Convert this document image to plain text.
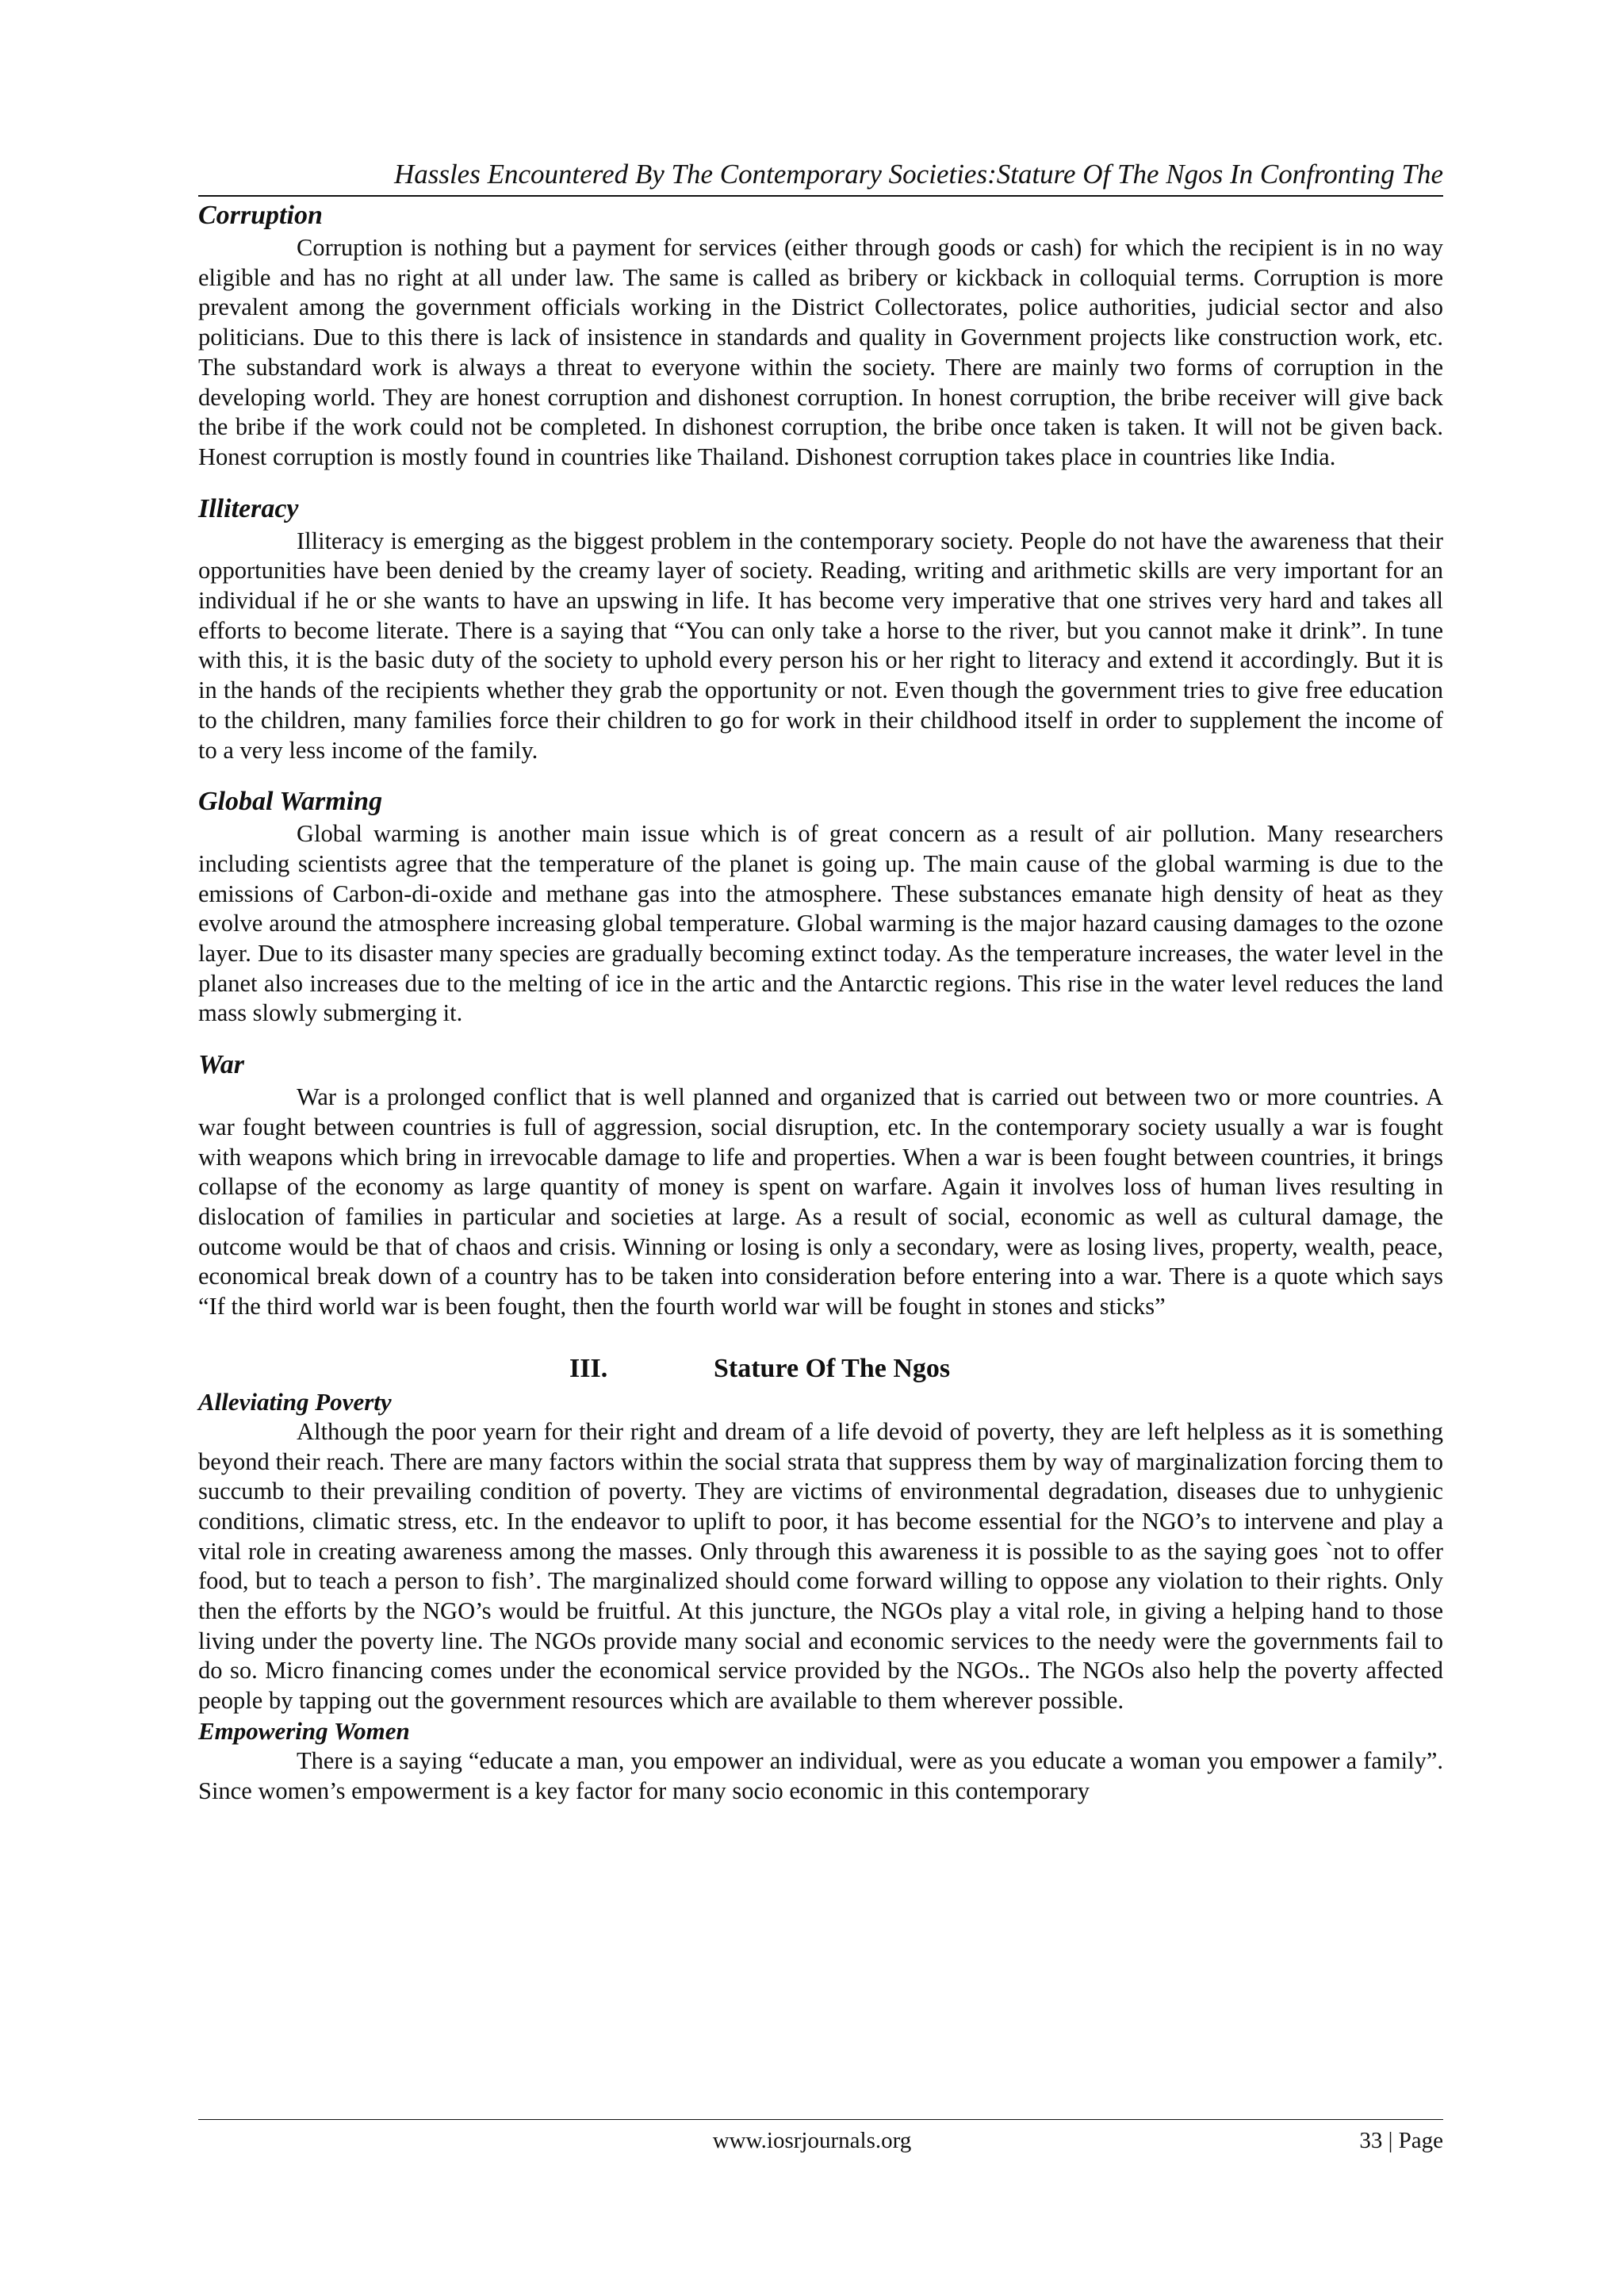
Hassles Encountered By The Contemporary Societies:Stature Of The Ngos In Confronting The
Corruption

Corruption is nothing but a payment for services (either through goods or cash) for which the recipient is in no way eligible and has no right at all under law. The same is called as bribery or kickback in colloquial terms. Corruption is more prevalent among the government officials working in the District Collectorates, police authorities, judicial sector and also politicians. Due to this there is lack of insistence in standards and quality in Government projects like construction work, etc. The substandard work is always a threat to everyone within the society. There are mainly two forms of corruption in the developing world. They are honest corruption and dishonest corruption. In honest corruption, the bribe receiver will give back the bribe if the work could not be completed. In dishonest corruption, the bribe once taken is taken. It will not be given back. Honest corruption is mostly found in countries like Thailand. Dishonest corruption takes place in countries like India.

Illiteracy

Illiteracy is emerging as the biggest problem in the contemporary society. People do not have the awareness that their opportunities have been denied by the creamy layer of society. Reading, writing and arithmetic skills are very important for an individual if he or she wants to have an upswing in life. It has become very imperative that one strives very hard and takes all efforts to become literate. There is a saying that “You can only take a horse to the river, but you cannot make it drink”. In tune with this, it is the basic duty of the society to uphold every person his or her right to literacy and extend it accordingly. But it is in the hands of the recipients whether they grab the opportunity or not. Even though the government tries to give free education to the children, many families force their children to go for work in their childhood itself in order to supplement the income of to a very less income of the family.

Global Warming

Global warming is another main issue which is of great concern as a result of air pollution. Many researchers including scientists agree that the temperature of the planet is going up. The main cause of the global warming is due to the emissions of Carbon-di-oxide and methane gas into the atmosphere. These substances emanate high density of heat as they evolve around the atmosphere increasing global temperature. Global warming is the major hazard causing damages to the ozone layer. Due to its disaster many species are gradually becoming extinct today. As the temperature increases, the water level in the planet also increases due to the melting of ice in the artic and the Antarctic regions. This rise in the water level reduces the land mass slowly submerging it.

War

War is a prolonged conflict that is well planned and organized that is carried out between two or more countries. A war fought between countries is full of aggression, social disruption, etc. In the contemporary society usually a war is fought with weapons which bring in irrevocable damage to life and properties. When a war is been fought between countries, it brings collapse of the economy as large quantity of money is spent on warfare. Again it involves loss of human lives resulting in dislocation of families in particular and societies at large. As a result of social, economic as well as cultural damage, the outcome would be that of chaos and crisis. Winning or losing is only a secondary, were as losing lives, property, wealth, peace, economical break down of a country has to be taken into consideration before entering into a war. There is a quote which says “If the third world war is been fought, then the fourth world war will be fought in stones and sticks”

III.	Stature Of The Ngos
Alleviating Poverty

Although the poor yearn for their right and dream of a life devoid of poverty, they are left helpless as it is something beyond their reach. There are many factors within the social strata that suppress them by way of marginalization forcing them to succumb to their prevailing condition of poverty. They are victims of environmental degradation, diseases due to unhygienic conditions, climatic stress, etc. In the endeavor to uplift to poor, it has become essential for the NGO’s to intervene and play a vital role in creating awareness among the masses. Only through this awareness it is possible to as the saying goes `not to offer food, but to teach a person to fish’. The marginalized should come forward willing to oppose any violation to their rights. Only then the efforts by the NGO’s would be fruitful. At this juncture, the NGOs play a vital role, in giving a helping hand to those living under the poverty line. The NGOs provide many social and economic services to the needy were the governments fail to do so. Micro financing comes under the economical service provided by the NGOs.. The NGOs also help the poverty affected people by tapping out the government resources which are available to them wherever possible.

Empowering Women

There is a saying “educate a man, you empower an individual, were as you educate a woman you empower a family”. Since women’s empowerment is a key factor for many socio economic in this contemporary

www.iosrjournals.org	33 | Page
